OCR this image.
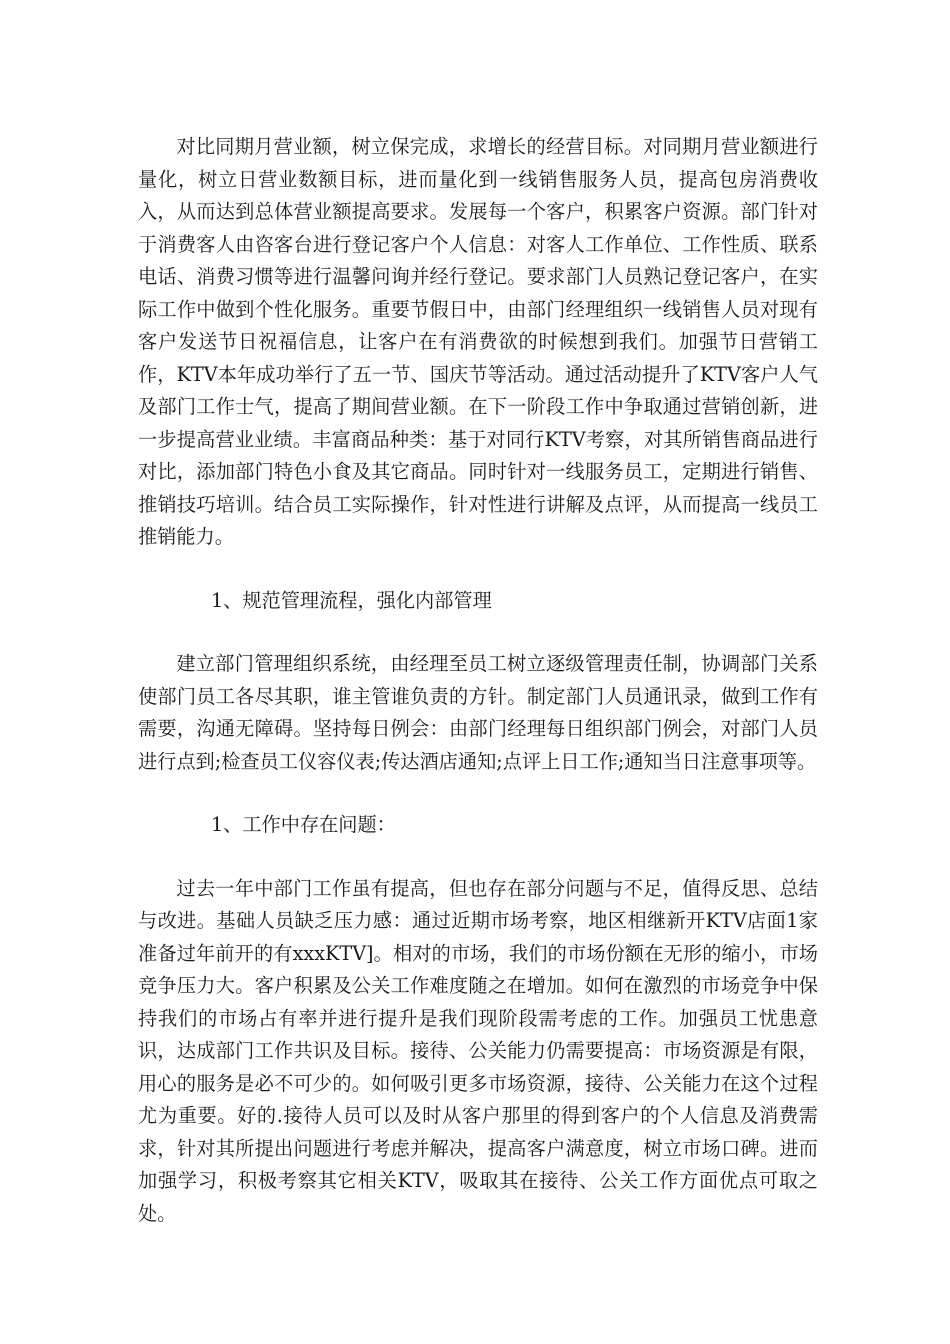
对比同期月营业额，树立保完成，求增长的经营目标。对同期月营业额进行量化，树立日营业数额目标，进而量化到一线销售服务人员，提高包房消费收入，从而达到总体营业额提高要求。发展每一个客户，积累客户资源。部门针对于消费客人由咨客台进行登记客户个人信息：对客人工作单位、工作性质、联系电话、消费习惯等进行温馨问询并经行登记。要求部门人员熟记登记客户，在实际工作中做到个性化服务。重要节假日中，由部门经理组织一线销售人员对现有客户发送节日祝福信息，让客户在有消费欲的时候想到我们。加强节日营销工作，KTV本年成功举行了五一节、国庆节等活动。通过活动提升了KTV客户人气及部门工作士气，提高了期间营业额。在下一阶段工作中争取通过营销创新，进一步提高营业业绩。丰富商品种类：基于对同行KTV考察，对其所销售商品进行对比，添加部门特色小食及其它商品。同时针对一线服务员工，定期进行销售、推销技巧培训。结合员工实际操作，针对性进行讲解及点评，从而提高一线员工推销能力。

1、规范管理流程，强化内部管理

建立部门管理组织系统，由经理至员工树立逐级管理责任制，协调部门关系使部门员工各尽其职，谁主管谁负责的方针。制定部门人员通讯录，做到工作有需要，沟通无障碍。坚持每日例会：由部门经理每日组织部门例会，对部门人员进行点到;检查员工仪容仪表;传达酒店通知;点评上日工作;通知当日注意事项等。

1、工作中存在问题：

过去一年中部门工作虽有提高，但也存在部分问题与不足，值得反思、总结与改进。基础人员缺乏压力感：通过近期市场考察，地区相继新开KTV店面1家准备过年前开的有xxxKTV]。相对的市场，我们的市场份额在无形的缩小，市场竞争压力大。客户积累及公关工作难度随之在增加。如何在激烈的市场竞争中保持我们的市场占有率并进行提升是我们现阶段需考虑的工作。加强员工忧患意识，达成部门工作共识及目标。接待、公关能力仍需要提高：市场资源是有限，用心的服务是必不可少的。如何吸引更多市场资源，接待、公关能力在这个过程尤为重要。好的.接待人员可以及时从客户那里的得到客户的个人信息及消费需求，针对其所提出问题进行考虑并解决，提高客户满意度，树立市场口碑。进而加强学习，积极考察其它相关KTV，吸取其在接待、公关工作方面优点可取之处。
